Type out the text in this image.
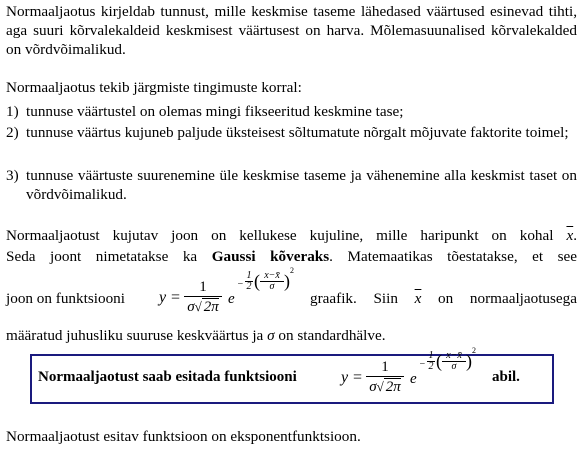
Normaaljaotus kirjeldab tunnust, mille keskmise taseme lähedased väärtused esinevad tihti, aga suuri kõrvalekaldeid keskmisest väärtusest on harva. Mõlemasuunalised kõrvalekalded on võrdvõimalikud.
Normaaljaotus tekib järgmiste tingimuste korral:
1) tunnuse väärtustel on olemas mingi fikseeritud keskmine tase;
2) tunnuse väärtus kujuneb paljude üksteisest sõltumatute nõrgalt mõjuvate faktorite toimel;
3) tunnuse väärtuste suurenemine üle keskmise taseme ja vähenemine alla keskmist taset on võrdvõimalikud.
Normaaljaotust kujutav joon on kellukese kujuline, mille haripunkt on kohal $\overline{x}$.
Seda joont nimetatakse ka Gaussi kõveraks. Matemaatikas tõestatakse, et see
joon on funktsiooni	y =
1
σ√ 2π e
−
1
2 ( x−x̄
σ )
2
graafik. Siin $\overline{x}$ on normaaljaotusega
määratud juhusliku suuruse keskväärtus ja σ on standardhälve.
Normaaljaotust saab esitada funktsiooni	y =
1
σ√ 2π e
−
1
2 ( x−x̄
σ )
2
abil.
Normaaljaotust esitav funktsioon on eksponentfunktsioon.
